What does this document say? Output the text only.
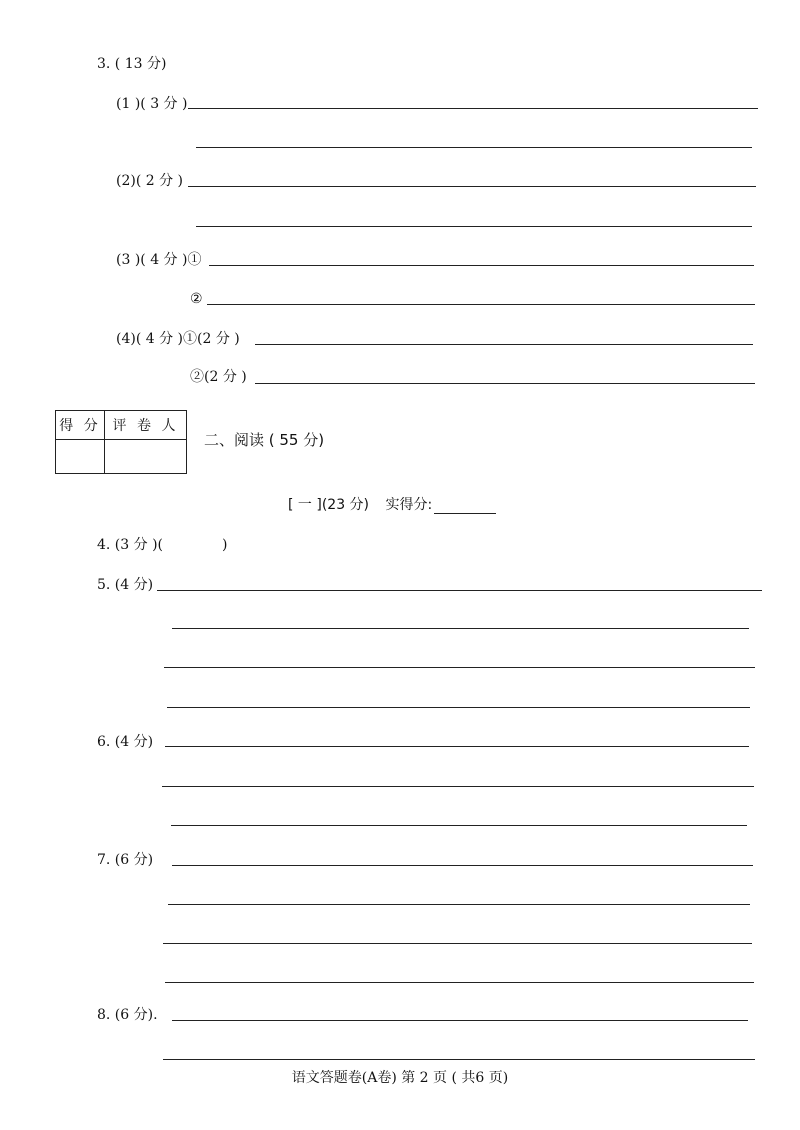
3. ( 13 分)
(1 )( 3 分 )
(2)( 2 分 )
(3 )( 4 分 )①
②
(4)( 4 分 )①(2 分 )
②(2 分 )
得 分	评 卷 人

二、阅读 ( 55 分)
[ 一 ](23 分) 实得分:
4. (3 分 )(	)
5. (4 分)
6. (4 分)
7. (6 分)
8. (6 分).
语文答题卷(A卷) 第 2 页 ( 共6 页)
